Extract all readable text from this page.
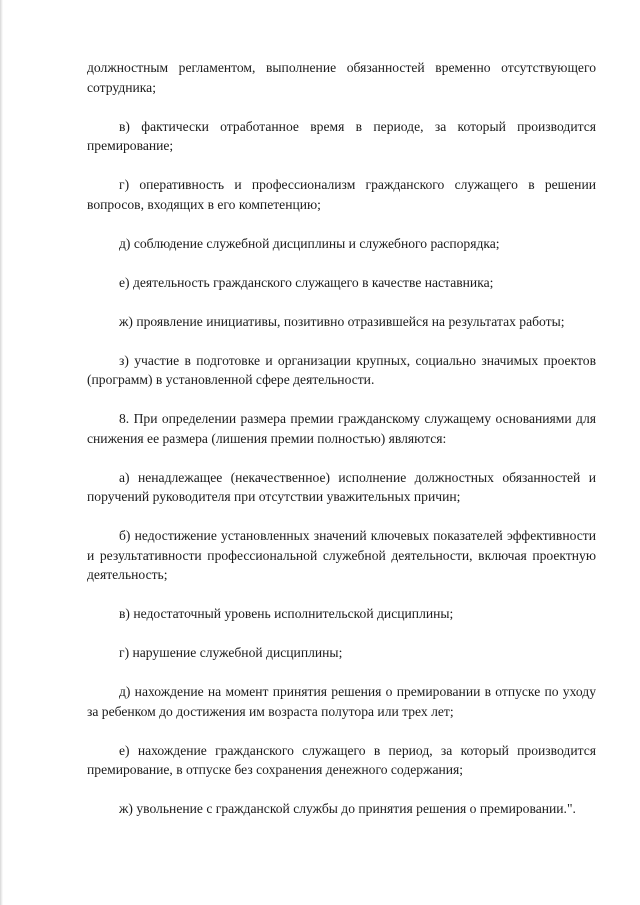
должностным регламентом, выполнение обязанностей временно отсутствующего сотрудника;

в) фактически отработанное время в периоде, за который производится премирование;

г) оперативность и профессионализм гражданского служащего в решении вопросов, входящих в его компетенцию;

д) соблюдение служебной дисциплины и служебного распорядка;

е) деятельность гражданского служащего в качестве наставника;

ж) проявление инициативы, позитивно отразившейся на результатах работы;

з) участие в подготовке и организации крупных, социально значимых проектов (программ) в установленной сфере деятельности.

8. При определении размера премии гражданскому служащему основаниями для снижения ее размера (лишения премии полностью) являются:

а) ненадлежащее (некачественное) исполнение должностных обязанностей и поручений руководителя при отсутствии уважительных причин;

б) недостижение установленных значений ключевых показателей эффективности и результативности профессиональной служебной деятельности, включая проектную деятельность;

в) недостаточный уровень исполнительской дисциплины;

г) нарушение служебной дисциплины;

д) нахождение на момент принятия решения о премировании в отпуске по уходу за ребенком до достижения им возраста полутора или трех лет;

е) нахождение гражданского служащего в период, за который производится премирование, в отпуске без сохранения денежного содержания;

ж) увольнение с гражданской службы до принятия решения о премировании.".
